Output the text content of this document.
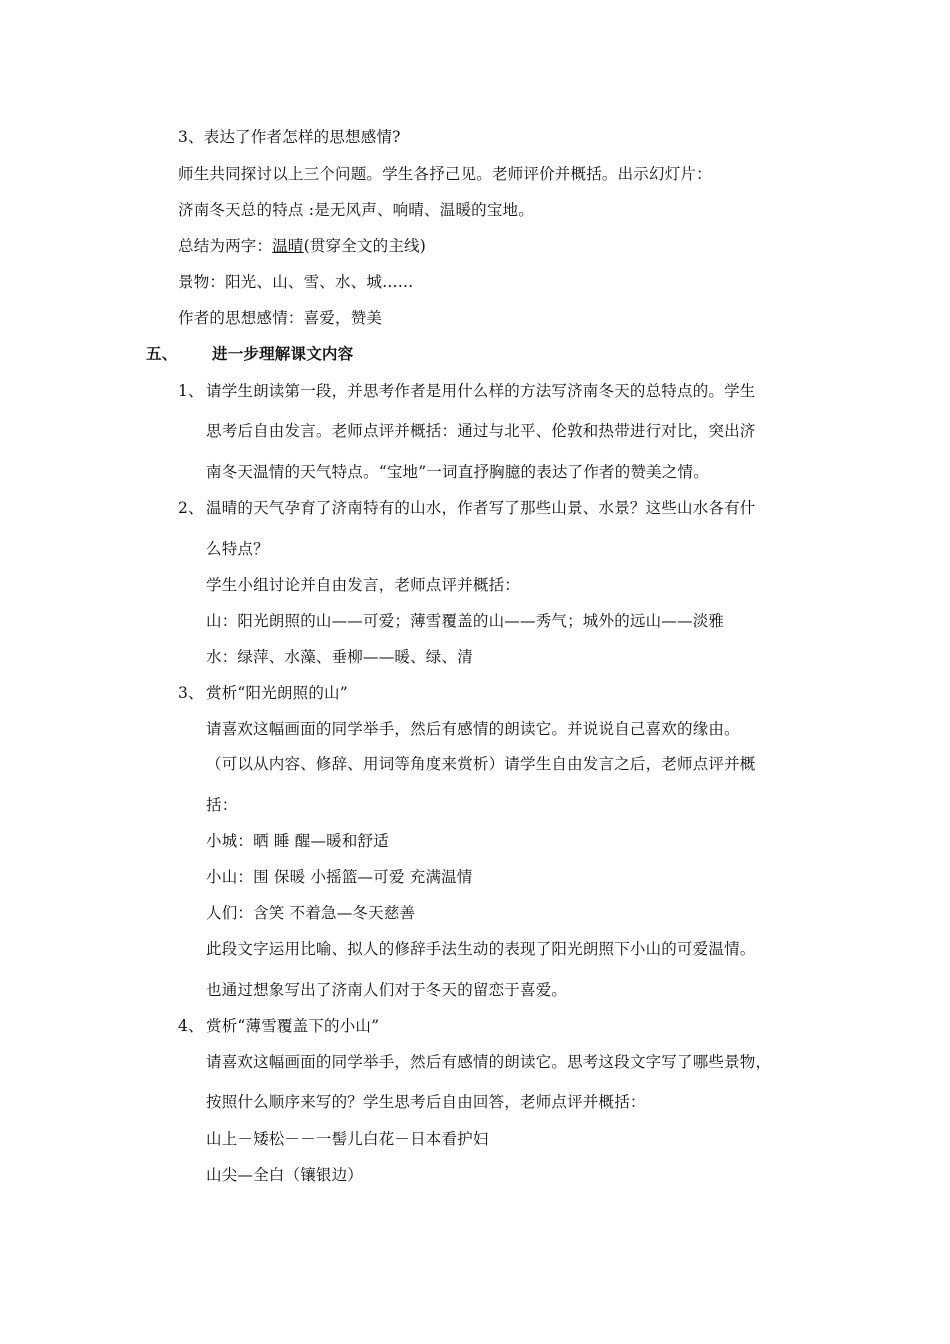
3、表达了作者怎样的思想感情?
师生共同探讨以上三个问题。学生各抒己见。老师评价并概括。出示幻灯片：
济南冬天总的特点 :是无风声、响晴、温暖的宝地。
总结为两字：温晴(贯穿全文的主线)
景物：阳光、山、雪、水、城……
作者的思想感情：喜爱，赞美
五、 进一步理解课文内容
1、 请学生朗读第一段，并思考作者是用什么样的方法写济南冬天的总特点的。学生
思考后自由发言。老师点评并概括：通过与北平、伦敦和热带进行对比，突出济
南冬天温情的天气特点。“宝地”一词直抒胸臆的表达了作者的赞美之情。
2、 温晴的天气孕育了济南特有的山水，作者写了那些山景、水景？这些山水各有什
么特点？
学生小组讨论并自由发言，老师点评并概括：
山：阳光朗照的山——可爱；薄雪覆盖的山——秀气；城外的远山——淡雅
水：绿萍、水藻、垂柳——暖、绿、清
3、 赏析“阳光朗照的山”
请喜欢这幅画面的同学举手，然后有感情的朗读它。并说说自己喜欢的缘由。
（可以从内容、修辞、用词等角度来赏析）请学生自由发言之后，老师点评并概
括：
小城：晒 睡 醒—暖和舒适
小山：围 保暖 小摇篮—可爱 充满温情
人们：含笑 不着急—冬天慈善
此段文字运用比喻、拟人的修辞手法生动的表现了阳光朗照下小山的可爱温情。
也通过想象写出了济南人们对于冬天的留恋于喜爱。
4、 赏析“薄雪覆盖下的小山”
请喜欢这幅画面的同学举手，然后有感情的朗读它。思考这段文字写了哪些景物，
按照什么顺序来写的？学生思考后自由回答，老师点评并概括：
山上－矮松－－一髻儿白花－日本看护妇
山尖—全白（镶银边）
